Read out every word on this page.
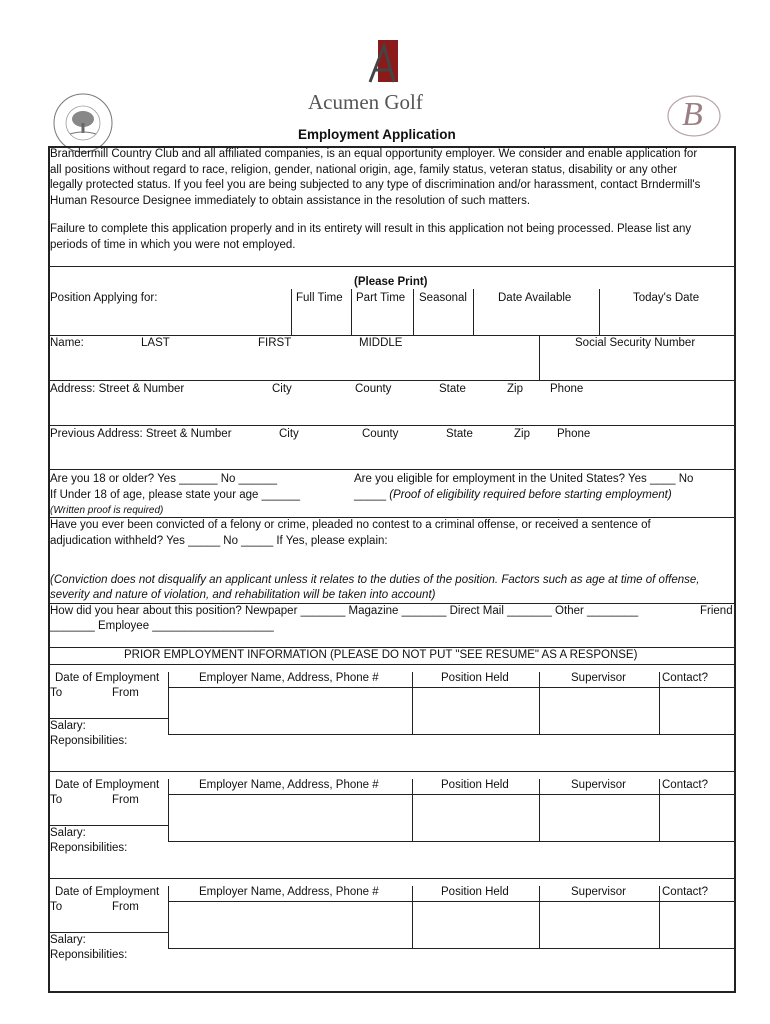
Acumen Golf	B
Employment Application
Brandermill Country Club and all affiliated companies, is an equal opportunity employer. We consider and enable application for
all positions without regard to race, religion, gender, national origin, age, family status, veteran status, disability or any other
legally protected status. If you feel you are being subjected to any type of discrimination and/or harassment, contact Brndermill's
Human Resource Designee immediately to obtain assistance in the resolution of such matters.
Failure to complete this application properly and in its entirety will result in this application not being processed. Please list any
periods of time in which you were not employed.
(Please Print)
Position Applying for:	Full Time Part Time Seasonal	Date Available	Today's Date
Name:	LAST	FIRST	MIDDLE	Social Security Number
Address: Street & Number	City	County	State	Zip Phone
Previous Address: Street & Number	City	County	State	Zip Phone
Are you 18 or older? Yes ______ No ______
If Under 18 of age, please state your age ______
(Written proof is required)
Are you eligible for employment in the United States? Yes ____ No
_____ (Proof of eligibility required before starting employment)
Have you ever been convicted of a felony or crime, pleaded no contest to a criminal offense, or received a sentence of
adjudication withheld? Yes _____ No _____ If Yes, please explain:
(Conviction does not disqualify an applicant unless it relates to the duties of the position. Factors such as age at time of offense,
severity and nature of violation, and rehabilitation will be taken into account)
How did you hear about this position? Newpaper _______ Magazine _______ Direct Mail _______ Other ________	Friend
_______ Employee ___________________
PRIOR EMPLOYMENT INFORMATION (PLEASE DO NOT PUT "SEE RESUME" AS A RESPONSE)
Date of Employment
To	From
Employer Name, Address, Phone #	Position Held	Supervisor	Contact?
Salary:
Reponsibilities:
Date of Employment
To	From
Employer Name, Address, Phone #	Position Held	Supervisor	Contact?
Salary:
Reponsibilities:
Date of Employment
To	From
Employer Name, Address, Phone #	Position Held	Supervisor	Contact?
Salary:
Reponsibilities:
